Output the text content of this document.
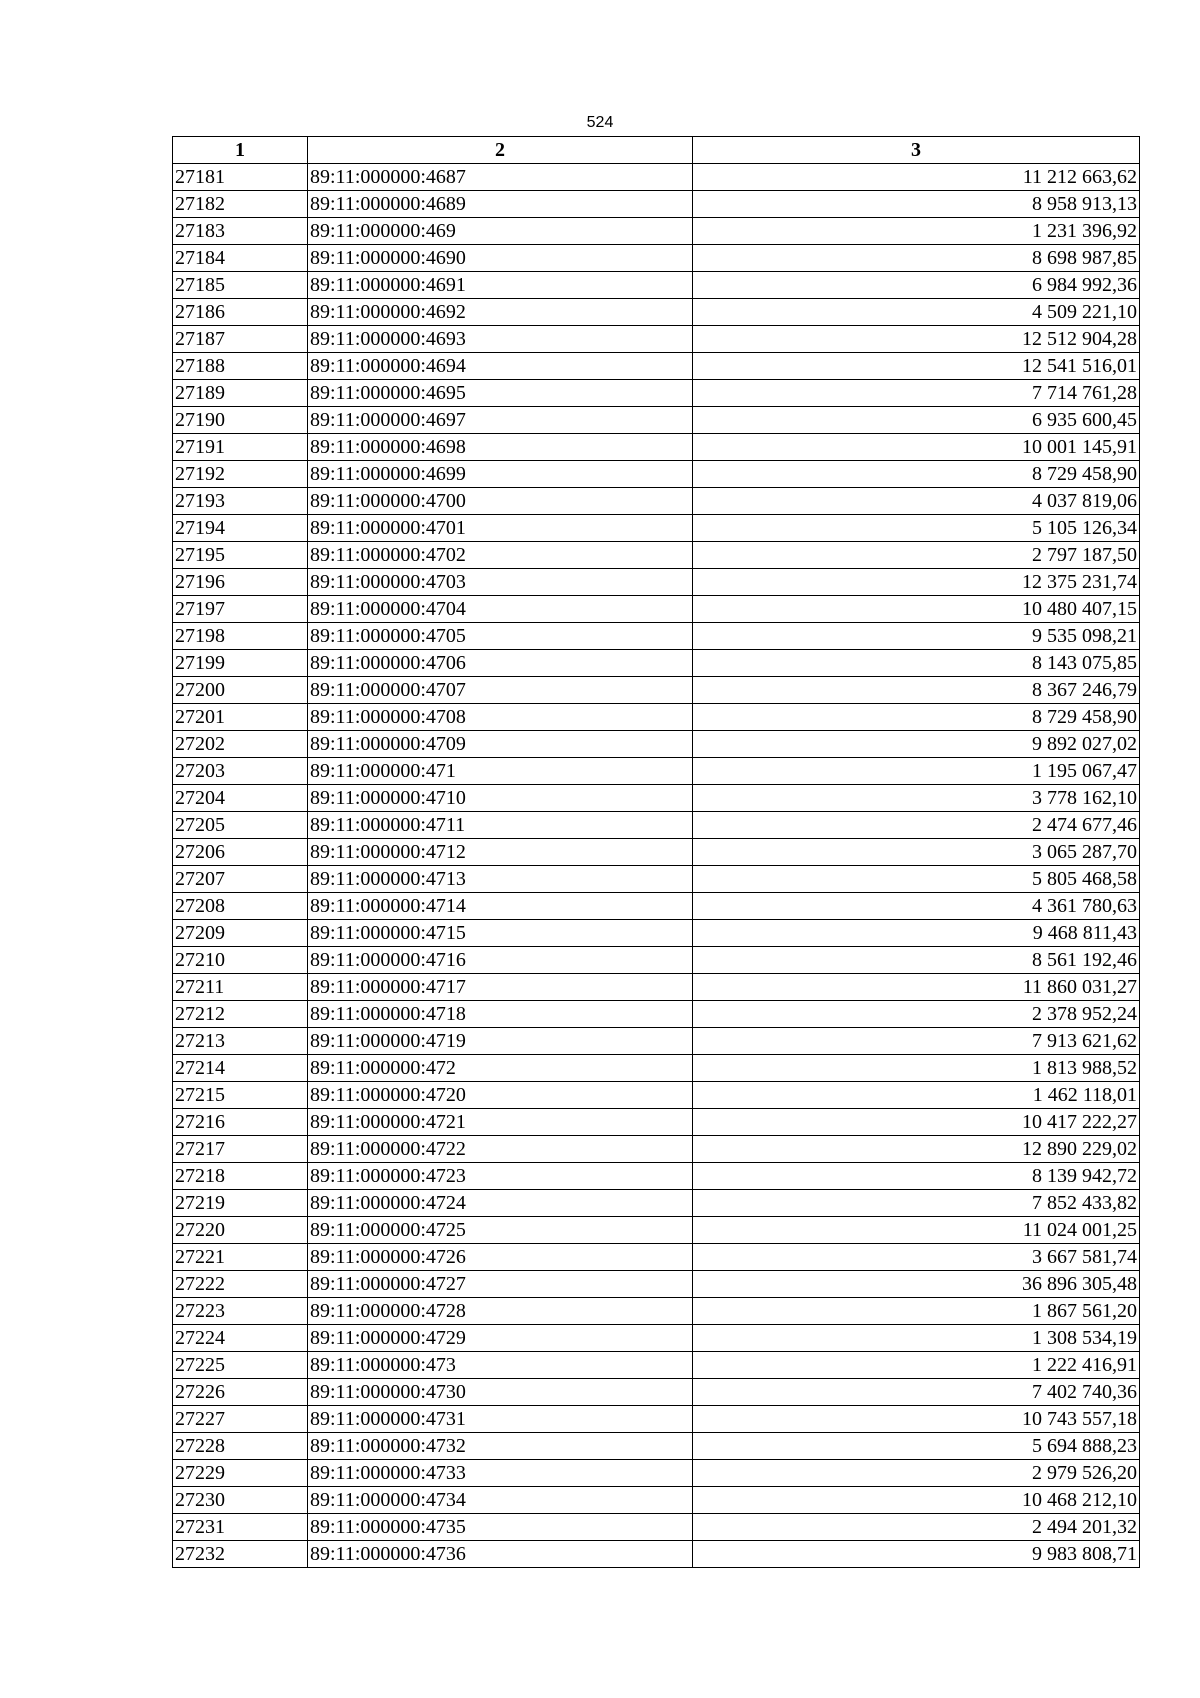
524
1	2	3
27181	89:11:000000:4687	11 212 663,62
27182	89:11:000000:4689	8 958 913,13
27183	89:11:000000:469	1 231 396,92
27184	89:11:000000:4690	8 698 987,85
27185	89:11:000000:4691	6 984 992,36
27186	89:11:000000:4692	4 509 221,10
27187	89:11:000000:4693	12 512 904,28
27188	89:11:000000:4694	12 541 516,01
27189	89:11:000000:4695	7 714 761,28
27190	89:11:000000:4697	6 935 600,45
27191	89:11:000000:4698	10 001 145,91
27192	89:11:000000:4699	8 729 458,90
27193	89:11:000000:4700	4 037 819,06
27194	89:11:000000:4701	5 105 126,34
27195	89:11:000000:4702	2 797 187,50
27196	89:11:000000:4703	12 375 231,74
27197	89:11:000000:4704	10 480 407,15
27198	89:11:000000:4705	9 535 098,21
27199	89:11:000000:4706	8 143 075,85
27200	89:11:000000:4707	8 367 246,79
27201	89:11:000000:4708	8 729 458,90
27202	89:11:000000:4709	9 892 027,02
27203	89:11:000000:471	1 195 067,47
27204	89:11:000000:4710	3 778 162,10
27205	89:11:000000:4711	2 474 677,46
27206	89:11:000000:4712	3 065 287,70
27207	89:11:000000:4713	5 805 468,58
27208	89:11:000000:4714	4 361 780,63
27209	89:11:000000:4715	9 468 811,43
27210	89:11:000000:4716	8 561 192,46
27211	89:11:000000:4717	11 860 031,27
27212	89:11:000000:4718	2 378 952,24
27213	89:11:000000:4719	7 913 621,62
27214	89:11:000000:472	1 813 988,52
27215	89:11:000000:4720	1 462 118,01
27216	89:11:000000:4721	10 417 222,27
27217	89:11:000000:4722	12 890 229,02
27218	89:11:000000:4723	8 139 942,72
27219	89:11:000000:4724	7 852 433,82
27220	89:11:000000:4725	11 024 001,25
27221	89:11:000000:4726	3 667 581,74
27222	89:11:000000:4727	36 896 305,48
27223	89:11:000000:4728	1 867 561,20
27224	89:11:000000:4729	1 308 534,19
27225	89:11:000000:473	1 222 416,91
27226	89:11:000000:4730	7 402 740,36
27227	89:11:000000:4731	10 743 557,18
27228	89:11:000000:4732	5 694 888,23
27229	89:11:000000:4733	2 979 526,20
27230	89:11:000000:4734	10 468 212,10
27231	89:11:000000:4735	2 494 201,32
27232	89:11:000000:4736	9 983 808,71
